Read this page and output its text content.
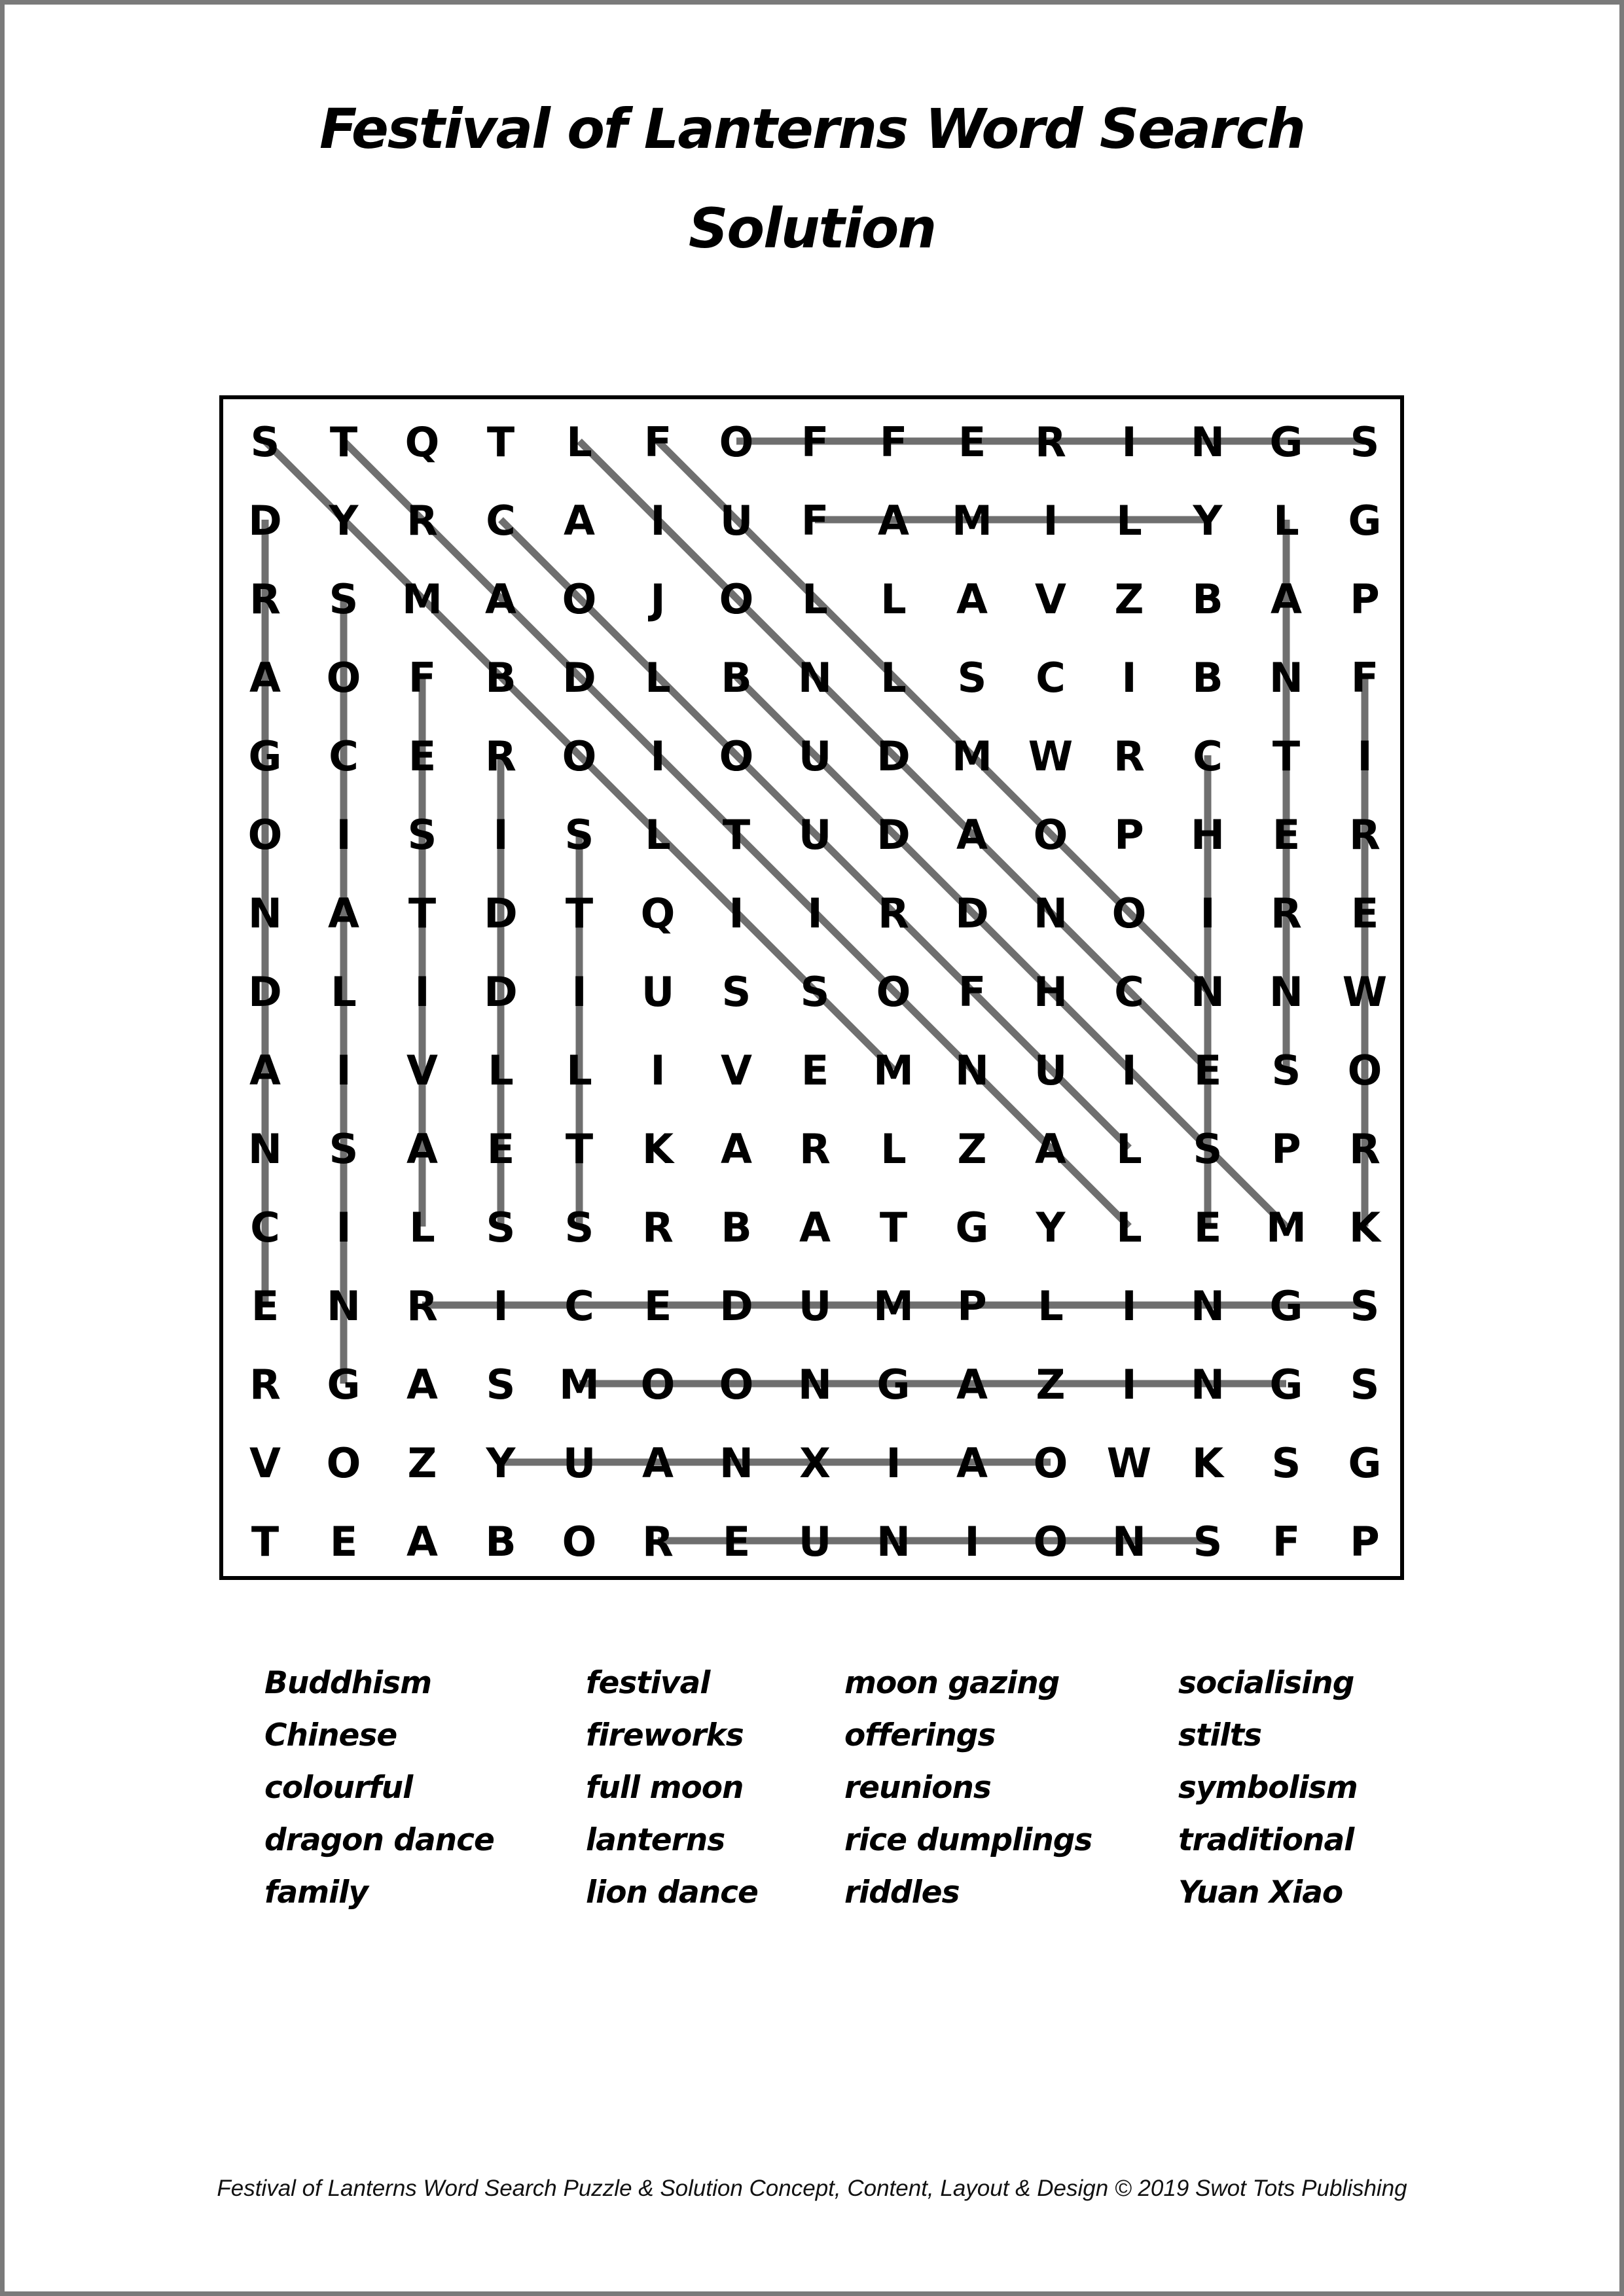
Festival of Lanterns Word Search
Solution
S T Q T L F O F F E R I N G S
D Y R C A I U F A M I L Y L G
R S M A O J O L L A V Z B A P
A O F B D L B N L S C I B N F
G C E R O I O U D M W R C T I
O I S I S L T U D A O P H E R
N A T D T Q I I R D N O I R E
D L I D I U S S O F H C N N W
A I V L L I V E M N U I E S O
N S A E T K A R L Z A L S P R
C I L S S R B A T G Y L E M K
E N R I C E D U M P L I N G S
R G A S M O O N G A Z I N G S
V O Z Y U A N X I A O W K S G
T E A B O R E U N I O N S F P
Buddhism
Chinese
colourful
dragon dance
family
festival
fireworks
full moon
lanterns
lion dance
moon gazing
offerings
reunions
rice dumplings
riddles
socialising
stilts
symbolism
traditional
Yuan Xiao
Festival of Lanterns Word Search Puzzle & Solution Concept, Content, Layout & Design © 2019 Swot Tots Publishing
